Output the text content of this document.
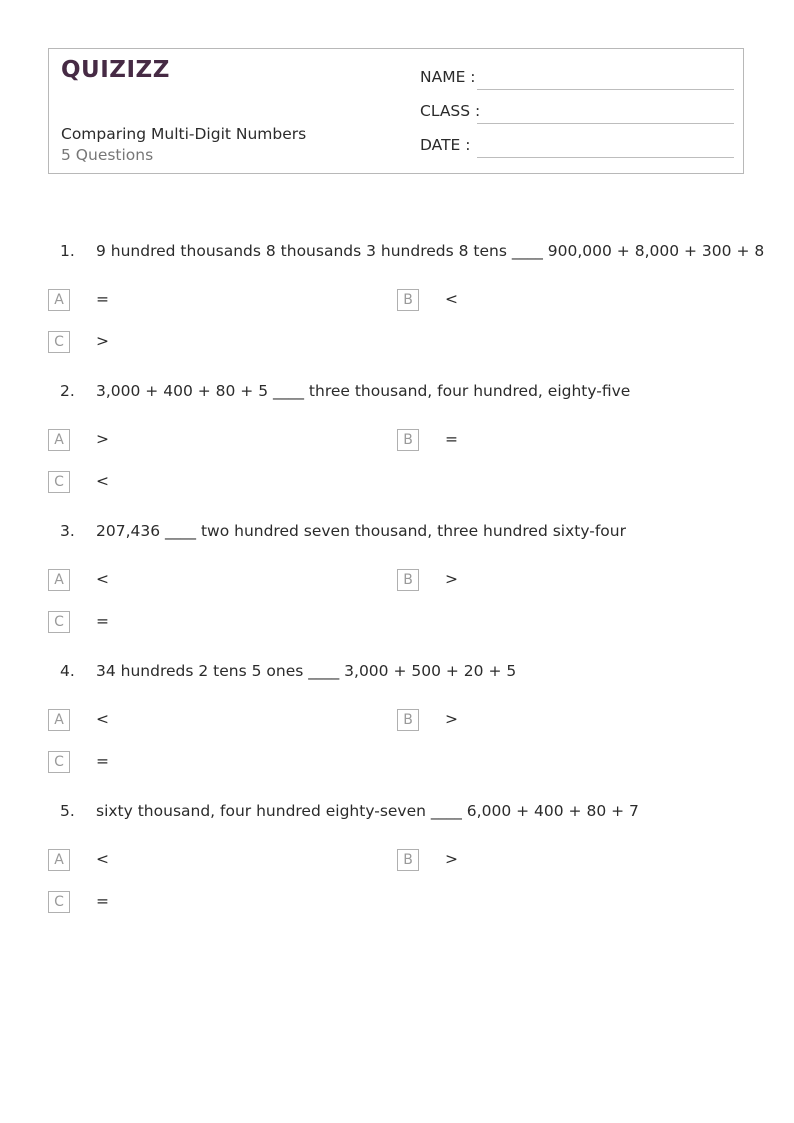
QUIZIZZ
Comparing Multi-Digit Numbers
5 Questions
NAME :
CLASS :
DATE :
1. 9 hundred thousands 8 thousands 3 hundreds 8 tens ____ 900,000 + 8,000 + 300 + 8
A	=	B	<
C	>
2. 3,000 + 400 + 80 + 5 ____ three thousand, four hundred, eighty-five
A	>	B	=
C	<
3. 207,436 ____ two hundred seven thousand, three hundred sixty-four
A	<	B	>
C	=
4. 34 hundreds 2 tens 5 ones ____ 3,000 + 500 + 20 + 5
A	<	B	>
C	=
5. sixty thousand, four hundred eighty-seven ____ 6,000 + 400 + 80 + 7
A	<	B	>
C	=
